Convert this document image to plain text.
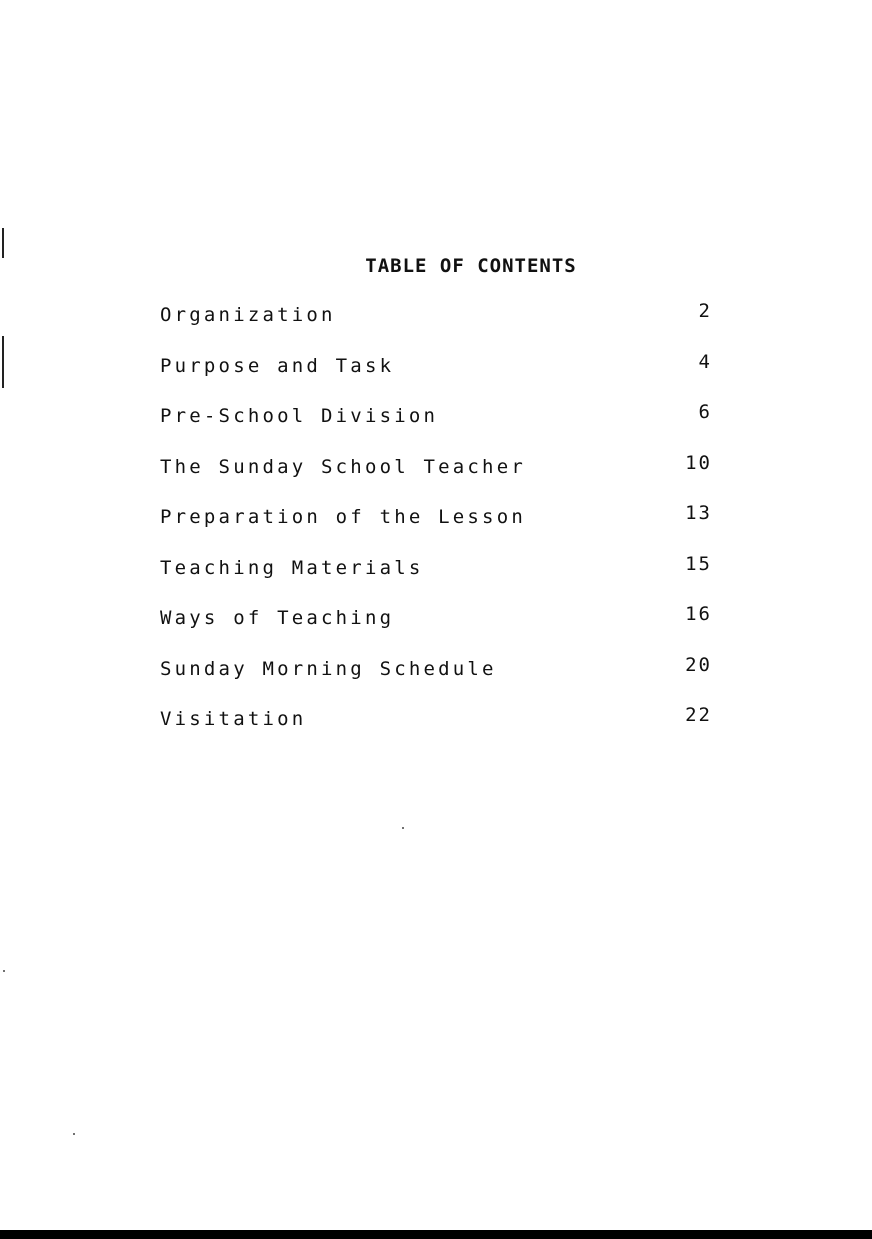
TABLE OF CONTENTS
Organization	2
Purpose and Task	4
Pre-School Division	6
The Sunday School Teacher	10
Preparation of the Lesson	13
Teaching Materials	15
Ways of Teaching	16
Sunday Morning Schedule	20
Visitation	22
